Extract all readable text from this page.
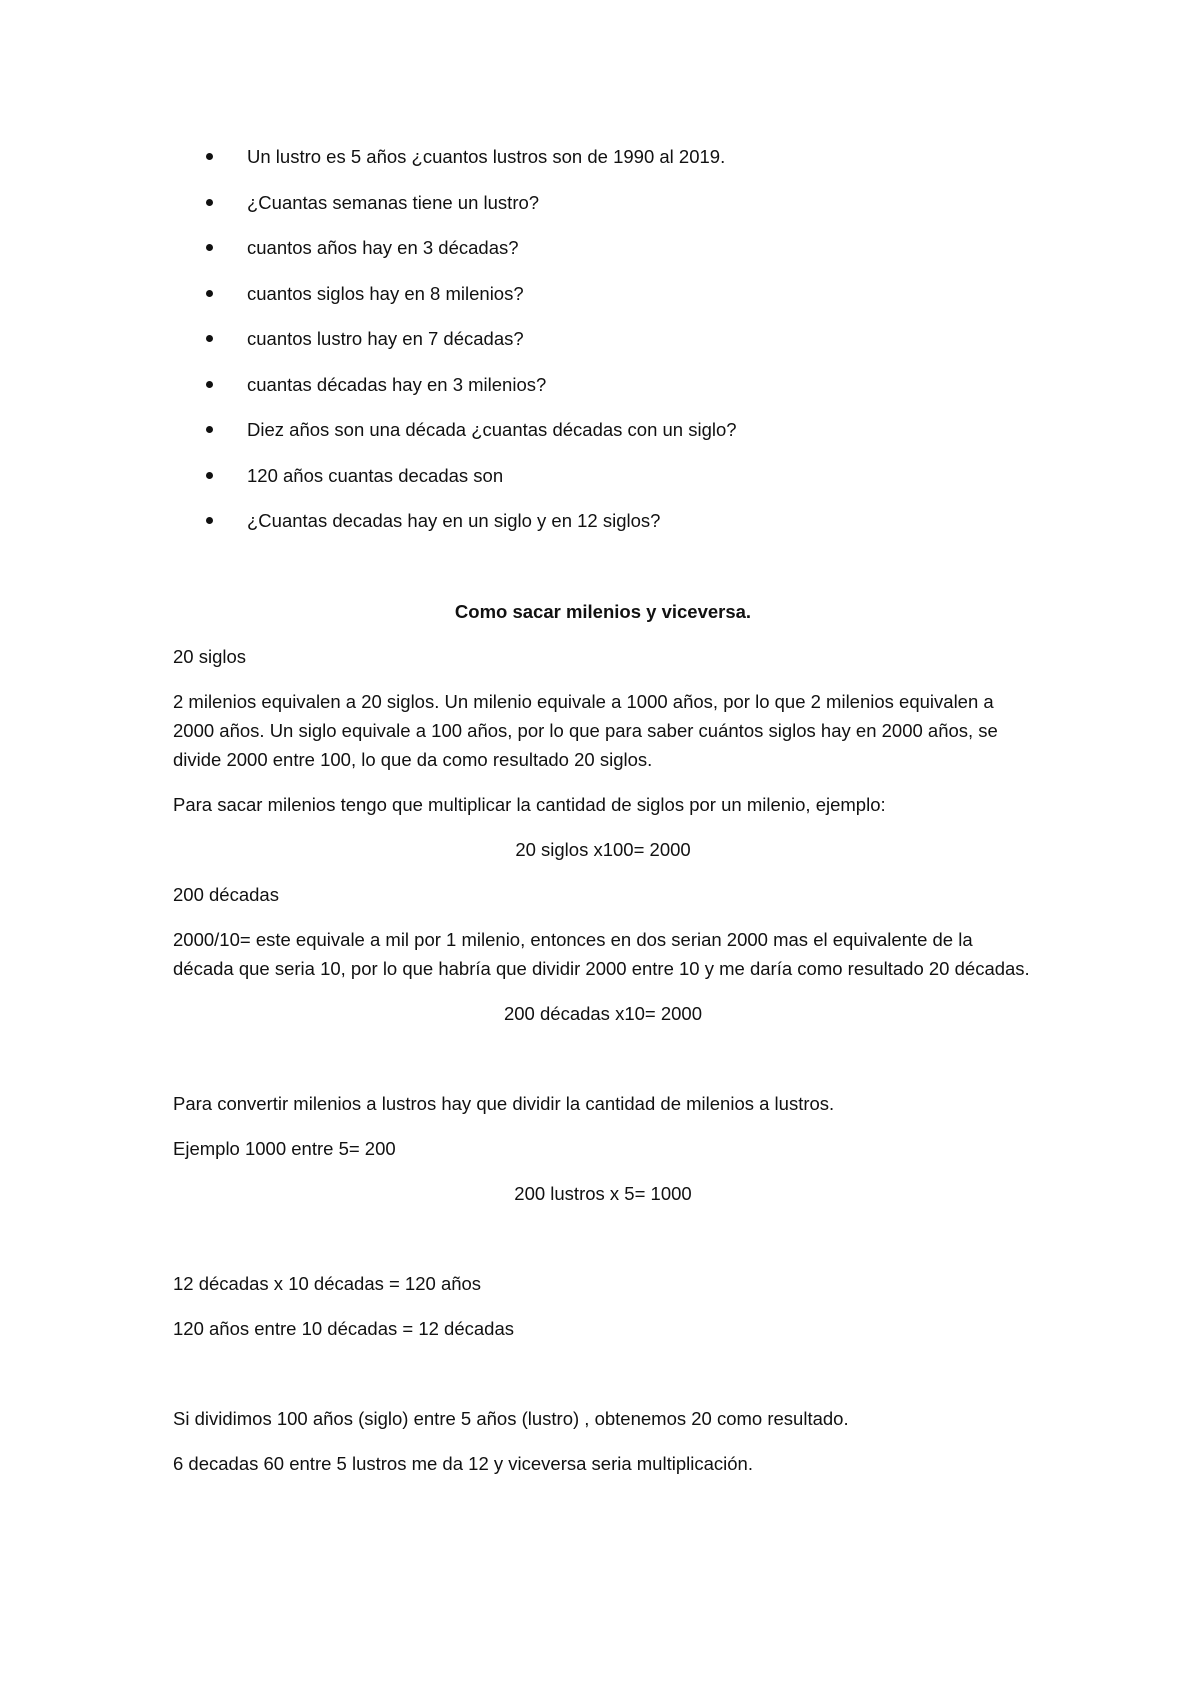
Un lustro es 5 años ¿cuantos lustros son de 1990 al 2019.
¿Cuantas semanas tiene un lustro?
cuantos años hay en 3 décadas?
cuantos siglos hay en 8 milenios?
cuantos lustro hay en 7 décadas?
cuantas décadas hay en 3 milenios?
Diez años son una década ¿cuantas décadas con un siglo?
120 años cuantas decadas son
¿Cuantas decadas hay en un siglo y en 12 siglos?
Como sacar milenios y viceversa.

20 siglos

2 milenios equivalen a 20 siglos. Un milenio equivale a 1000 años, por lo que 2 milenios equivalen a 2000 años. Un siglo equivale a 100 años, por lo que para saber cuántos siglos hay en 2000 años, se divide 2000 entre 100, lo que da como resultado 20 siglos.

Para sacar milenios tengo que multiplicar la cantidad de siglos por un milenio, ejemplo:

20 siglos x100= 2000

200 décadas

2000/10= este equivale a mil por 1 milenio, entonces en dos serian 2000 mas el equivalente de la década que seria 10, por lo que habría que dividir 2000 entre 10 y me daría como resultado 20 décadas.

200 décadas x10= 2000

Para convertir milenios a lustros hay que dividir la cantidad de milenios a lustros.

Ejemplo 1000 entre 5= 200

200 lustros x 5= 1000

12 décadas x 10 décadas = 120 años

120 años entre 10 décadas = 12 décadas

Si dividimos 100 años (siglo) entre 5 años (lustro) , obtenemos 20 como resultado.

6 decadas 60 entre 5 lustros me da 12 y viceversa seria multiplicación.
